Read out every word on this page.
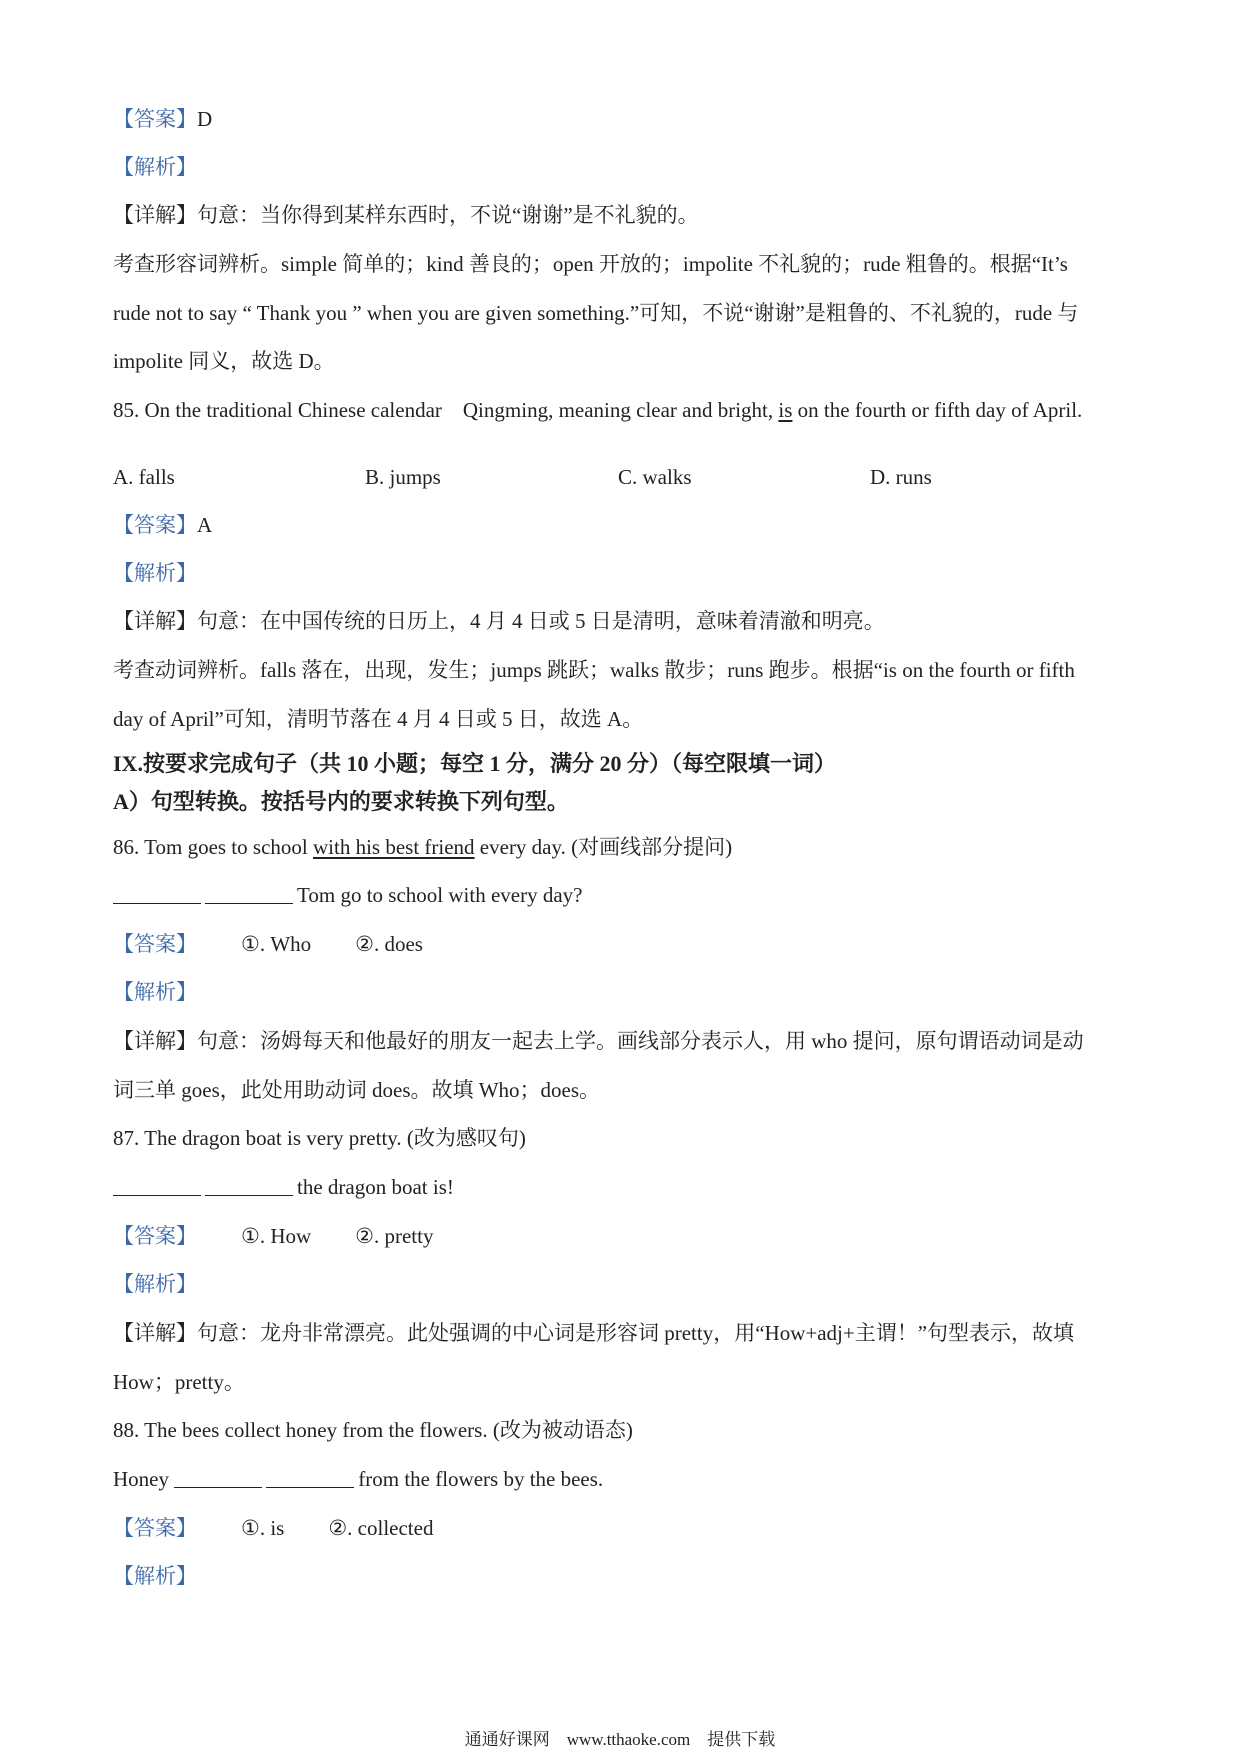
【答案】D
【解析】
【详解】句意：当你得到某样东西时，不说“谢谢”是不礼貌的。
考查形容词辨析。simple 简单的；kind 善良的；open 开放的；impolite 不礼貌的；rude 粗鲁的。根据“It’s
rude not to say “ Thank you ” when you are given something.”可知，不说“谢谢”是粗鲁的、不礼貌的，rude 与
impolite 同义，故选 D。
85. On the traditional Chinese calendar　Qingming, meaning clear and bright, is on the fourth or fifth day of April.
A. falls	B. jumps	C. walks	D. runs
【答案】A
【解析】
【详解】句意：在中国传统的日历上，4 月 4 日或 5 日是清明，意味着清澈和明亮。
考查动词辨析。falls 落在，出现，发生；jumps 跳跃；walks 散步；runs 跑步。根据“is on the fourth or fifth
day of April”可知，清明节落在 4 月 4 日或 5 日，故选 A。
IX.按要求完成句子（共 10 小题；每空 1 分，满分 20 分）（每空限填一词）
A）句型转换。按括号内的要求转换下列句型。
86. Tom goes to school with his best friend every day. (对画线部分提问)
Tom go to school with every day?
【答案】 ①. Who ②. does
【解析】
【详解】句意：汤姆每天和他最好的朋友一起去上学。画线部分表示人，用 who 提问，原句谓语动词是动
词三单 goes，此处用助动词 does。故填 Who；does。
87. The dragon boat is very pretty. (改为感叹句)
the dragon boat is!
【答案】 ①. How ②. pretty
【解析】
【详解】句意：龙舟非常漂亮。此处强调的中心词是形容词 pretty，用“How+adj+主谓！”句型表示，故填
How；pretty。
88. The bees collect honey from the flowers. (改为被动语态)
Honey	from the flowers by the bees.
【答案】 ①. is ②. collected
【解析】
通通好课网　www.tthaoke.com　提供下载
